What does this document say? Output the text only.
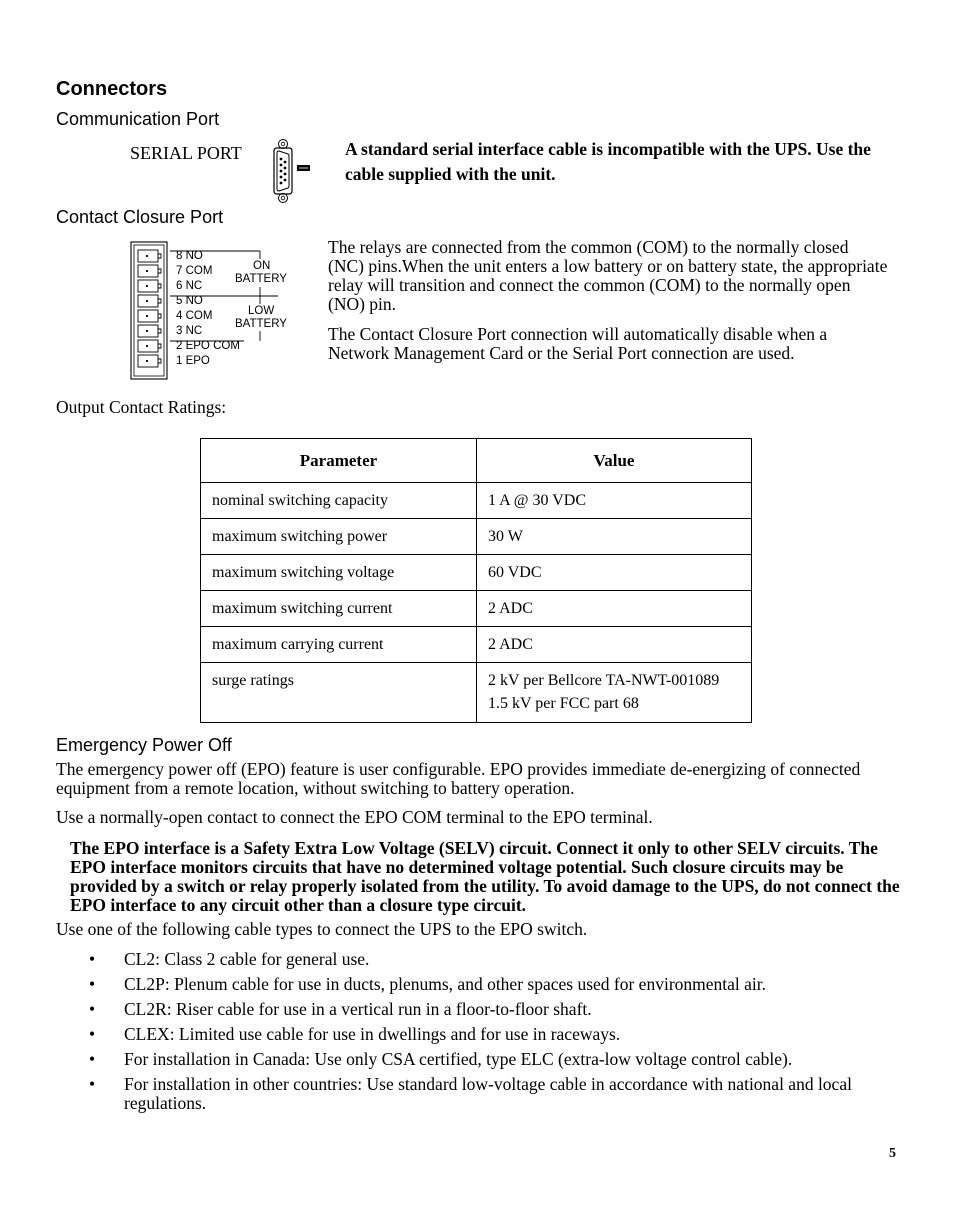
Connectors
Communication Port
SERIAL PORT	A standard serial interface cable is incompatible with the UPS. Use the cable supplied with the unit.
Contact Closure Port
8 NO
7 COM
6 NC
5 NO
4 COM
3 NC
2 EPO COM
1 EPO
ON
BATTERY
LOW
BATTERY
The relays are connected from the common (COM) to the normally closed (NC) pins.When the unit enters a low battery or on battery state, the appropriate relay will transition and connect the common (COM) to the normally open (NO) pin.
The Contact Closure Port connection will automatically disable when a Network Management Card or the Serial Port connection are used.
Output Contact Ratings:
Parameter	Value
nominal switching capacity	1 A @ 30 VDC
maximum switching power	30 W
maximum switching voltage	60 VDC
maximum switching current	2 ADC
maximum carrying current	2 ADC
surge ratings	2 kV per Bellcore TA-NWT-001089
1.5 kV per FCC part 68
Emergency Power Off
The emergency power off (EPO) feature is user configurable. EPO provides immediate de-energizing of connected equipment from a remote location, without switching to battery operation.
Use a normally-open contact to connect the EPO COM terminal to the EPO terminal.
The EPO interface is a Safety Extra Low Voltage (SELV) circuit. Connect it only to other SELV circuits. The EPO interface monitors circuits that have no determined voltage potential. Such closure circuits may be provided by a switch or relay properly isolated from the utility. To avoid damage to the UPS, do not connect the EPO interface to any circuit other than a closure type circuit.
Use one of the following cable types to connect the UPS to the EPO switch.
• CL2: Class 2 cable for general use.
• CL2P: Plenum cable for use in ducts, plenums, and other spaces used for environmental air.
• CL2R: Riser cable for use in a vertical run in a floor-to-floor shaft.
• CLEX: Limited use cable for use in dwellings and for use in raceways.
• For installation in Canada: Use only CSA certified, type ELC (extra-low voltage control cable).
• For installation in other countries: Use standard low-voltage cable in accordance with national and local regulations.
5
